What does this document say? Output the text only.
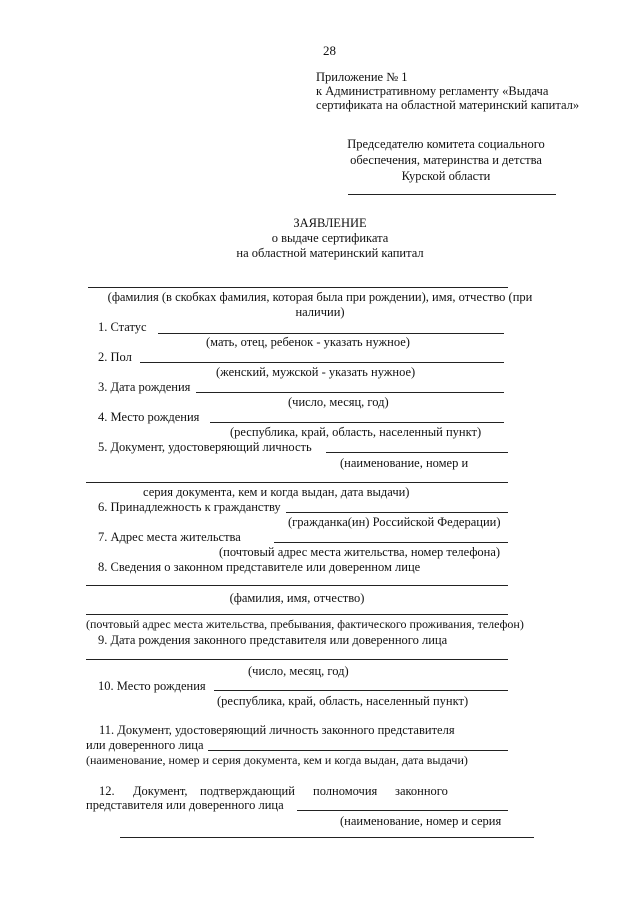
28
Приложение № 1
к Административному регламенту «Выдача
сертификата на областной материнский капитал»
Председателю комитета социального
обеспечения, материнства и детства
Курской области
ЗАЯВЛЕНИЕ
о выдаче сертификата
на областной материнский капитал
(фамилия (в скобках фамилия, которая была при рождении), имя, отчество (при
наличии)
1. Статус
(мать, отец, ребенок - указать нужное)
2. Пол
(женский, мужской - указать нужное)
3. Дата рождения
(число, месяц, год)
4. Место рождения
(республика, край, область, населенный пункт)
5. Документ, удостоверяющий личность
(наименование, номер и
серия документа, кем и когда выдан, дата выдачи)
6. Принадлежность к гражданству
(гражданка(ин) Российской Федерации)
7. Адрес места жительства
(почтовый адрес места жительства, номер телефона)
8. Сведения о законном представителе или доверенном лице
(фамилия, имя, отчество)
(почтовый адрес места жительства, пребывания, фактического проживания, телефон)
9. Дата рождения законного представителя или доверенного лица
(число, месяц, год)
10. Место рождения
(республика, край, область, населенный пункт)
11. Документ, удостоверяющий личность законного представителя
или доверенного лица
(наименование, номер и серия документа, кем и когда выдан, дата выдачи)
12. Документ, подтверждающий полномочия законного
представителя или доверенного лица
(наименование, номер и серия
